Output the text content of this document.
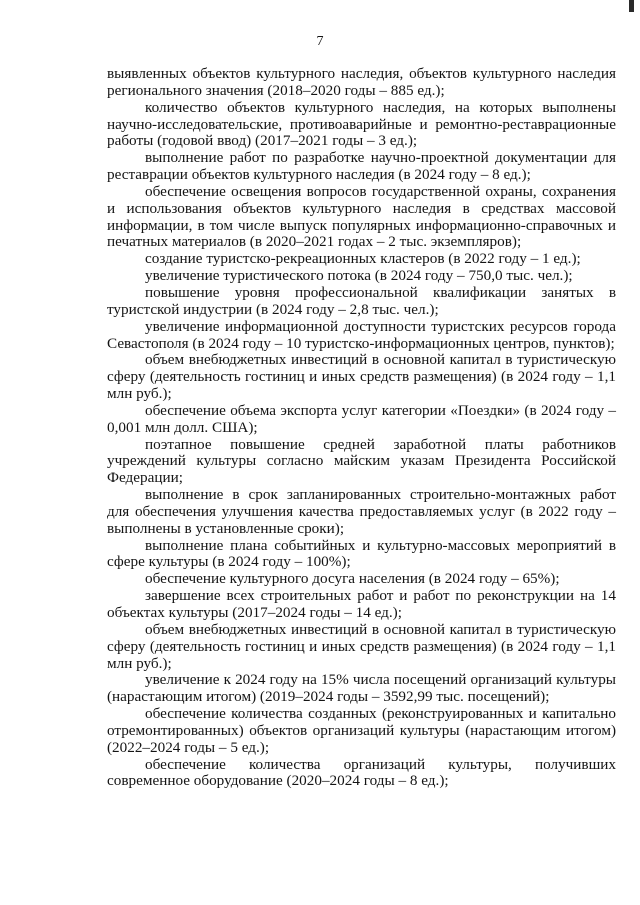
7

выявленных объектов культурного наследия, объектов культурного наследия регионального значения (2018–2020 годы – 885 ед.);

количество объектов культурного наследия, на которых выполнены научно-исследовательские, противоаварийные и ремонтно-реставрационные работы (годовой ввод) (2017–2021 годы – 3 ед.);

выполнение работ по разработке научно-проектной документации для реставрации объектов культурного наследия (в 2024 году – 8 ед.);

обеспечение освещения вопросов государственной охраны, сохранения и использования объектов культурного наследия в средствах массовой информации, в том числе выпуск популярных информационно-справочных и печатных материалов (в 2020–2021 годах – 2 тыс. экземпляров);

создание туристско-рекреационных кластеров (в 2022 году – 1 ед.);

увеличение туристического потока (в 2024 году – 750,0 тыс. чел.);

повышение уровня профессиональной квалификации занятых в туристской индустрии (в 2024 году – 2,8 тыс. чел.);

увеличение информационной доступности туристских ресурсов города Севастополя (в 2024 году – 10 туристско-информационных центров, пунктов);

объем внебюджетных инвестиций в основной капитал в туристическую сферу (деятельность гостиниц и иных средств размещения) (в 2024 году – 1,1 млн руб.);

обеспечение объема экспорта услуг категории «Поездки» (в 2024 году – 0,001 млн долл. США);

поэтапное повышение средней заработной платы работников учреждений культуры согласно майским указам Президента Российской Федерации;

выполнение в срок запланированных строительно-монтажных работ для обеспечения улучшения качества предоставляемых услуг (в 2022 году – выполнены в установленные сроки);

выполнение плана событийных и культурно-массовых мероприятий в сфере культуры (в 2024 году – 100%);

обеспечение культурного досуга населения (в 2024 году – 65%);

завершение всех строительных работ и работ по реконструкции на 14 объектах культуры (2017–2024 годы – 14 ед.);

объем внебюджетных инвестиций в основной капитал в туристическую сферу (деятельность гостиниц и иных средств размещения) (в 2024 году – 1,1 млн руб.);

увеличение к 2024 году на 15% числа посещений организаций культуры (нарастающим итогом) (2019–2024 годы – 3592,99 тыс. посещений);

обеспечение количества созданных (реконструированных и капитально отремонтированных) объектов организаций культуры (нарастающим итогом) (2022–2024 годы – 5 ед.);

обеспечение количества организаций культуры, получивших современное оборудование (2020–2024 годы – 8 ед.);
